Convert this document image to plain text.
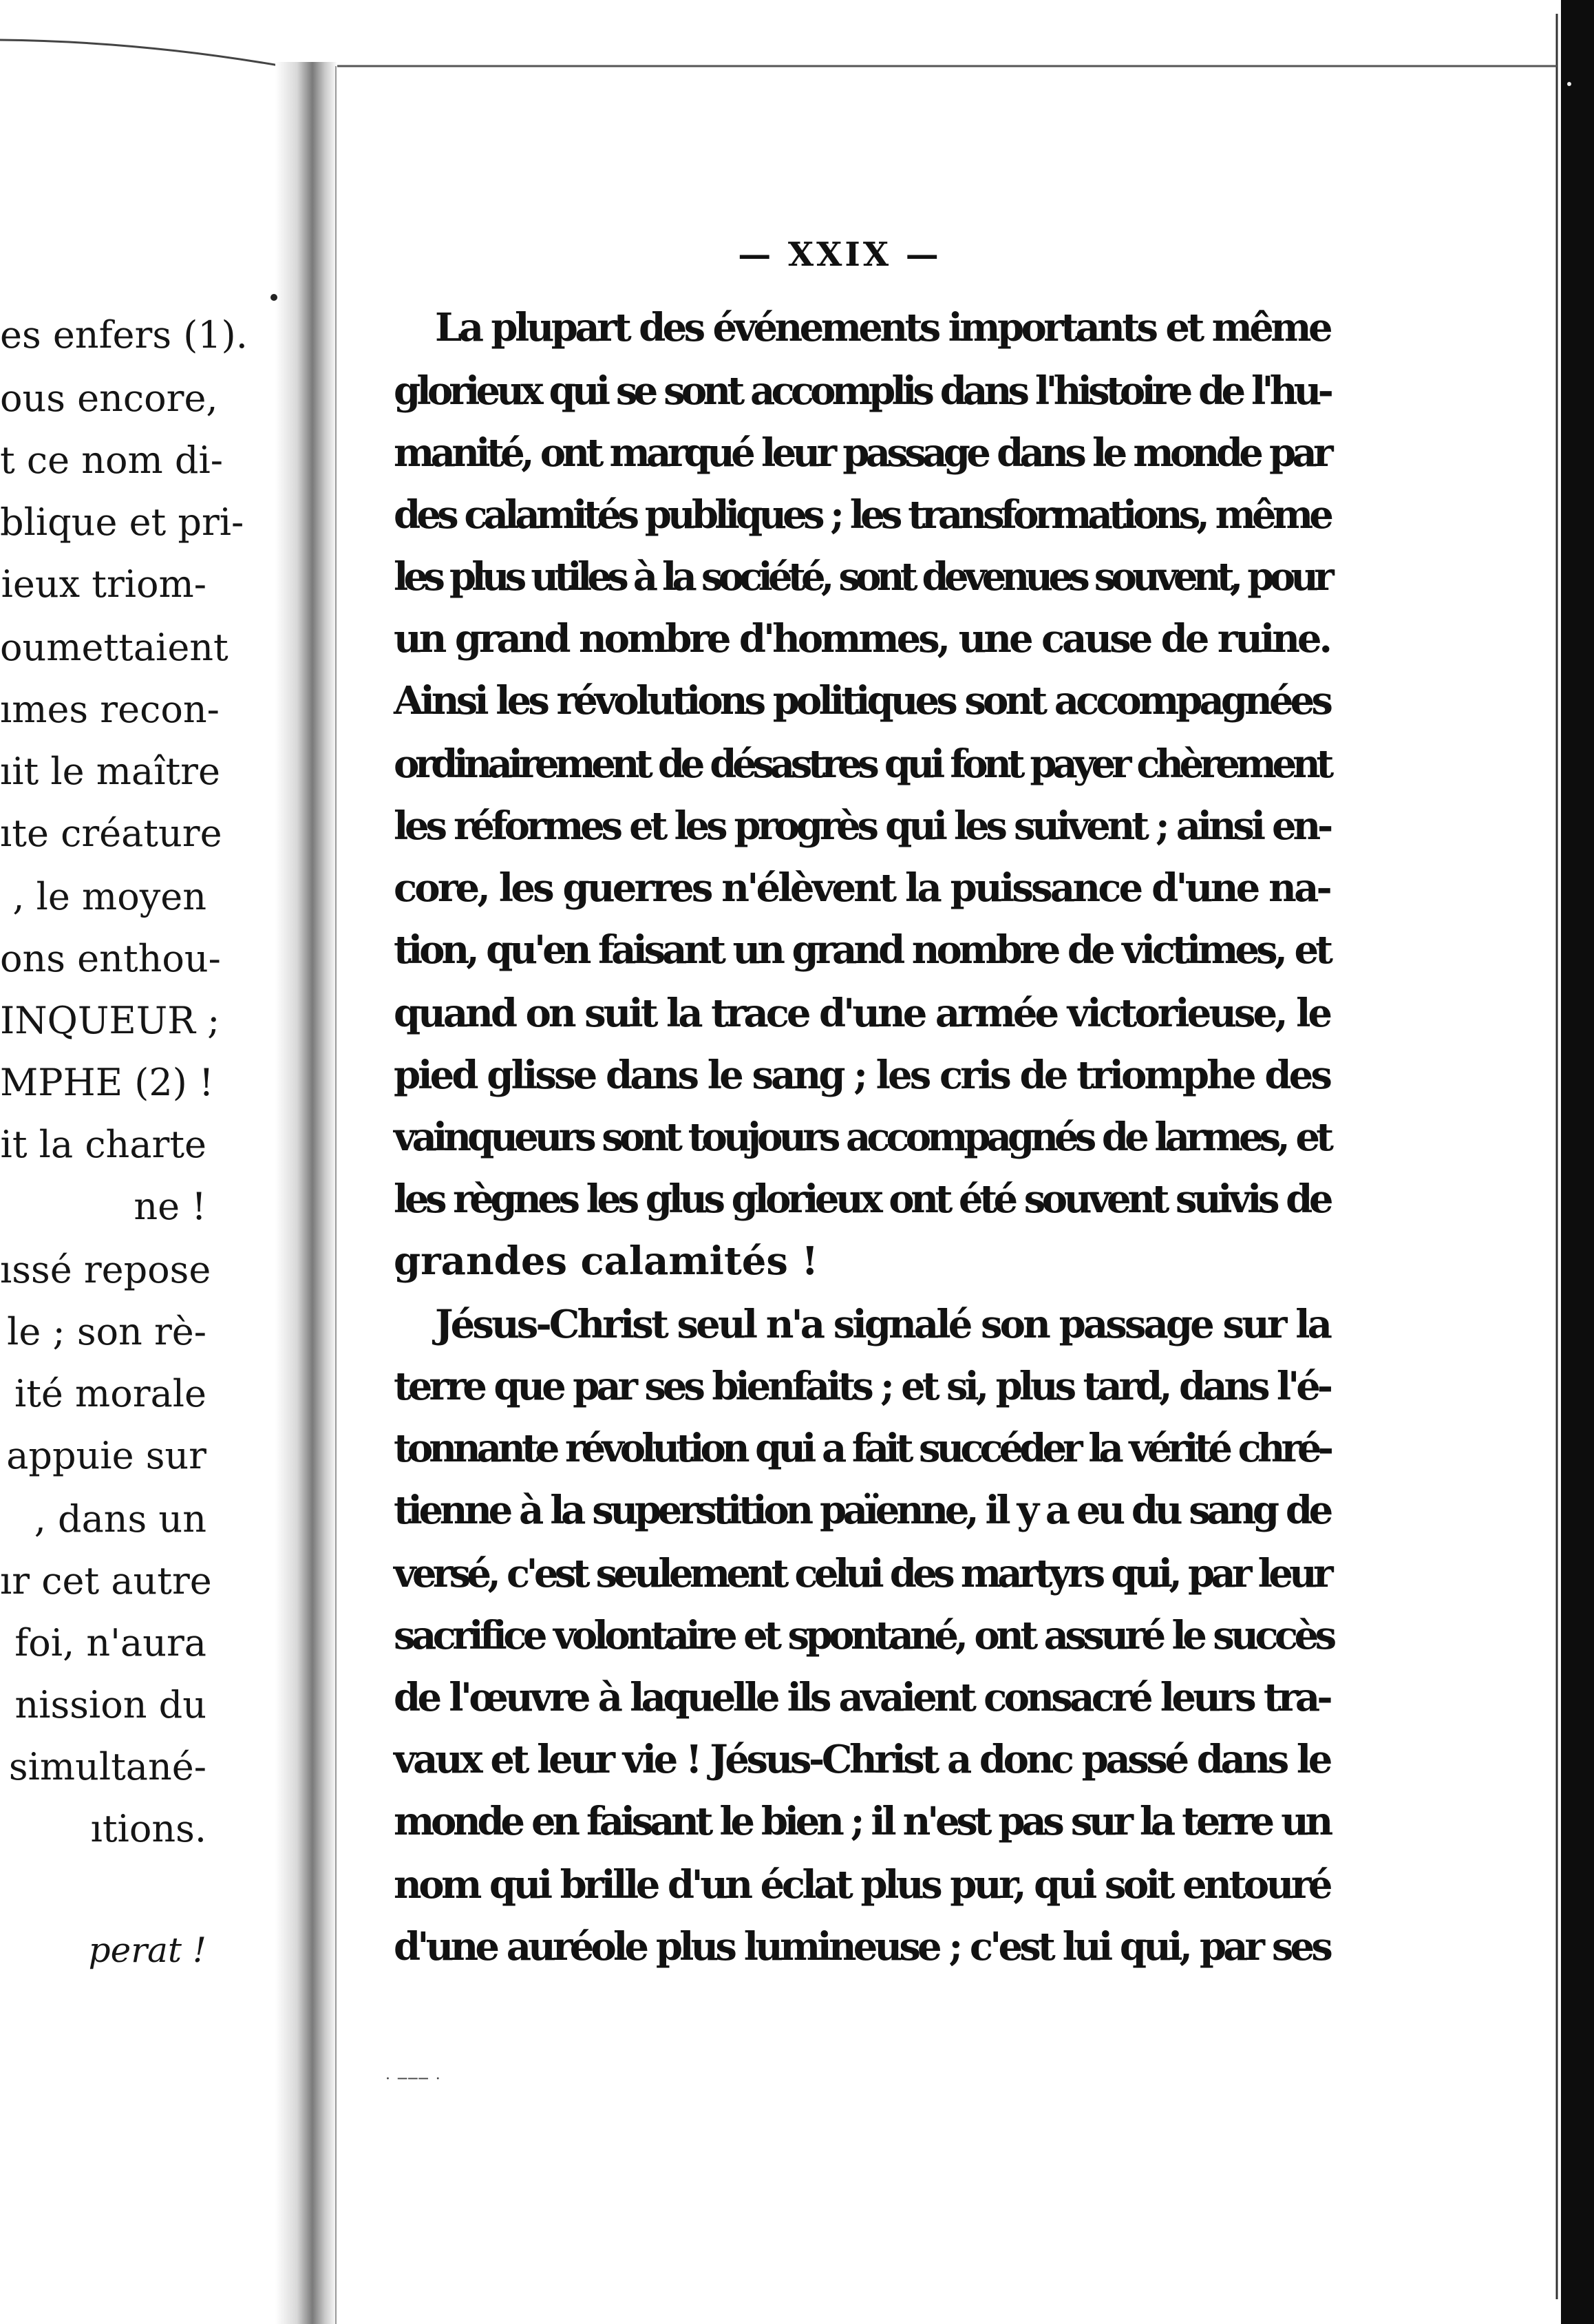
es enfers (1).
ous encore,
t ce nom di-
blique et pri-
ieux triom-
oumettaient
ımes recon-
ıit le maître
ıte créature
, le moyen
ons enthou-
INQUEUR ;
MPHE (2) !
it la charte
ne !
ıssé repose
le ; son rè-
ité morale
appuie sur
, dans un
ır cet autre
foi, n'aura
nission du
simultané-
ıtions.
perat !
— XXIX —
La plupart des événements importants et même
glorieux qui se sont accomplis dans l'histoire de l'hu-
manité, ont marqué leur passage dans le monde par
des calamités publiques ; les transformations, même
les plus utiles à la société, sont devenues souvent, pour
un grand nombre d'hommes, une cause de ruine.
Ainsi les révolutions politiques sont accompagnées
ordinairement de désastres qui font payer chèrement
les réformes et les progrès qui les suivent ; ainsi en-
core, les guerres n'élèvent la puissance d'une na-
tion, qu'en faisant un grand nombre de victimes, et
quand on suit la trace d'une armée victorieuse, le
pied glisse dans le sang ; les cris de triomphe des
vainqueurs sont toujours accompagnés de larmes, et
les règnes les glus glorieux ont été souvent suivis de
grandes calamités !
Jésus-Christ seul n'a signalé son passage sur la
terre que par ses bienfaits ; et si, plus tard, dans l'é-
tonnante révolution qui a fait succéder la vérité chré-
tienne à la superstition païenne, il y a eu du sang de
versé, c'est seulement celui des martyrs qui, par leur
sacrifice volontaire et spontané, ont assuré le succès
de l'œuvre à laquelle ils avaient consacré leurs tra-
vaux et leur vie ! Jésus-Christ a donc passé dans le
monde en faisant le bien ; il n'est pas sur la terre un
nom qui brille d'un éclat plus pur, qui soit entouré
d'une auréole plus lumineuse ; c'est lui qui, par ses
· ─── ·
